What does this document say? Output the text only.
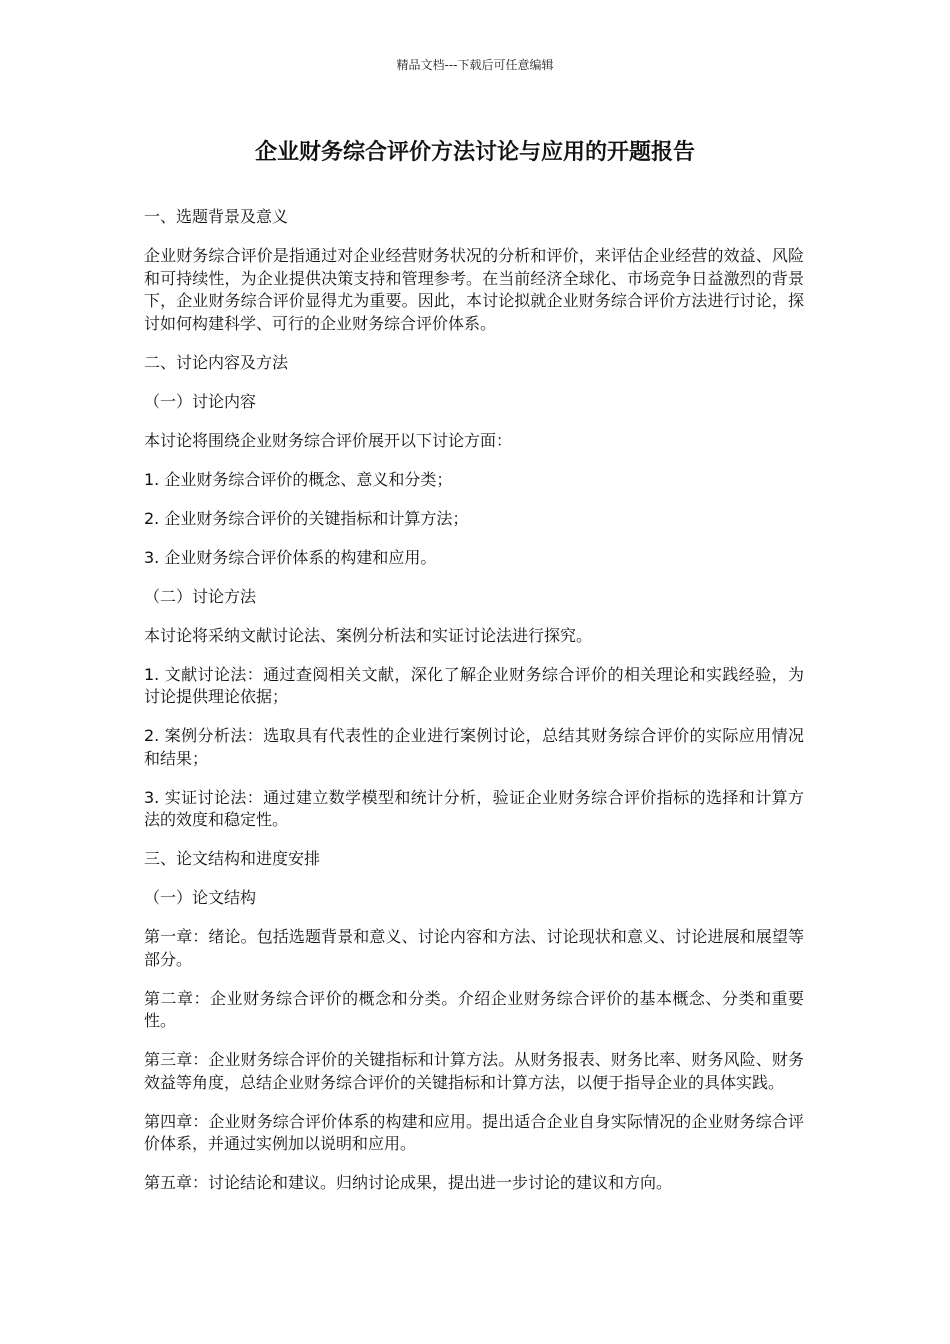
精品文档---下载后可任意编辑
企业财务综合评价方法讨论与应用的开题报告

一、选题背景及意义

企业财务综合评价是指通过对企业经营财务状况的分析和评价，来评估企业经营的效益、风险和可持续性，为企业提供决策支持和管理参考。在当前经济全球化、市场竞争日益激烈的背景下，企业财务综合评价显得尤为重要。因此，本讨论拟就企业财务综合评价方法进行讨论，探讨如何构建科学、可行的企业财务综合评价体系。

二、讨论内容及方法

（一）讨论内容

本讨论将围绕企业财务综合评价展开以下讨论方面：

1. 企业财务综合评价的概念、意义和分类；

2. 企业财务综合评价的关键指标和计算方法；

3. 企业财务综合评价体系的构建和应用。

（二）讨论方法

本讨论将采纳文献讨论法、案例分析法和实证讨论法进行探究。

1. 文献讨论法：通过查阅相关文献，深化了解企业财务综合评价的相关理论和实践经验，为讨论提供理论依据；

2. 案例分析法：选取具有代表性的企业进行案例讨论，总结其财务综合评价的实际应用情况和结果；

3. 实证讨论法：通过建立数学模型和统计分析，验证企业财务综合评价指标的选择和计算方法的效度和稳定性。

三、论文结构和进度安排

（一）论文结构

第一章：绪论。包括选题背景和意义、讨论内容和方法、讨论现状和意义、讨论进展和展望等部分。

第二章：企业财务综合评价的概念和分类。介绍企业财务综合评价的基本概念、分类和重要性。

第三章：企业财务综合评价的关键指标和计算方法。从财务报表、财务比率、财务风险、财务效益等角度，总结企业财务综合评价的关键指标和计算方法，以便于指导企业的具体实践。

第四章：企业财务综合评价体系的构建和应用。提出适合企业自身实际情况的企业财务综合评价体系，并通过实例加以说明和应用。

第五章：讨论结论和建议。归纳讨论成果，提出进一步讨论的建议和方向。
